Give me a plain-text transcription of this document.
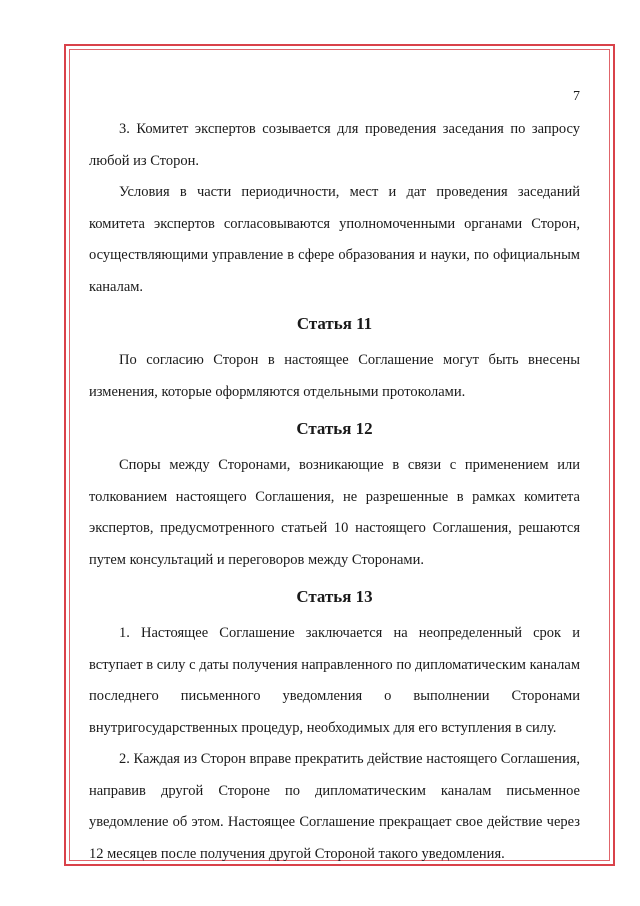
7

3. Комитет экспертов созывается для проведения заседания по запросу любой из Сторон.

Условия в части периодичности, мест и дат проведения заседаний комитета экспертов согласовываются уполномоченными органами Сторон, осуществляющими управление в сфере образования и науки, по официальным каналам.

Статья 11

По согласию Сторон в настоящее Соглашение могут быть внесены изменения, которые оформляются отдельными протоколами.

Статья 12

Споры между Сторонами, возникающие в связи с применением или толкованием настоящего Соглашения, не разрешенные в рамках комитета экспертов, предусмотренного статьей 10 настоящего Соглашения, решаются путем консультаций и переговоров между Сторонами.

Статья 13

1. Настоящее Соглашение заключается на неопределенный срок и вступает в силу с даты получения направленного по дипломатическим каналам последнего письменного уведомления о выполнении Сторонами внутригосударственных процедур, необходимых для его вступления в силу.

2. Каждая из Сторон вправе прекратить действие настоящего Соглашения, направив другой Стороне по дипломатическим каналам письменное уведомление об этом. Настоящее Соглашение прекращает свое действие через 12 месяцев после получения другой Стороной такого уведомления.
